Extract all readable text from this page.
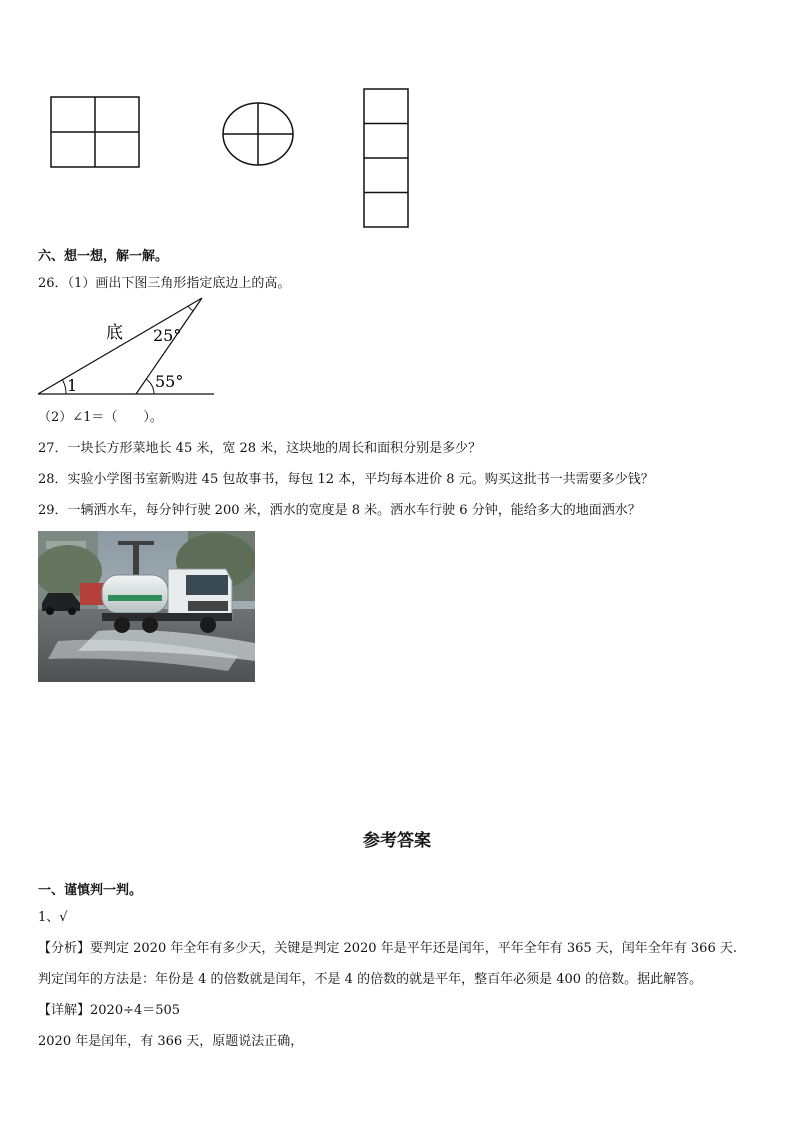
六、想一想，解一解。
26．（1）画出下图三角形指定底边上的高。
底 25°
1	55°
（2）∠1＝（　　）。
27．一块长方形菜地长 45 米，宽 28 米，这块地的周长和面积分别是多少？
28．实验小学图书室新购进 45 包故事书，每包 12 本，平均每本进价 8 元。购买这批书一共需要多少钱？
29．一辆洒水车，每分钟行驶 200 米，洒水的宽度是 8 米。洒水车行驶 6 分钟，能给多大的地面洒水？
参考答案
一、谨慎判一判。
1、√
【分析】要判定 2020 年全年有多少天，关键是判定 2020 年是平年还是闰年，平年全年有 365 天，闰年全年有 366 天.
判定闰年的方法是：年份是 4 的倍数就是闰年，不是 4 的倍数的就是平年，整百年必须是 400 的倍数。据此解答。
【详解】2020÷4＝505
2020 年是闰年，有 366 天，原题说法正确，
